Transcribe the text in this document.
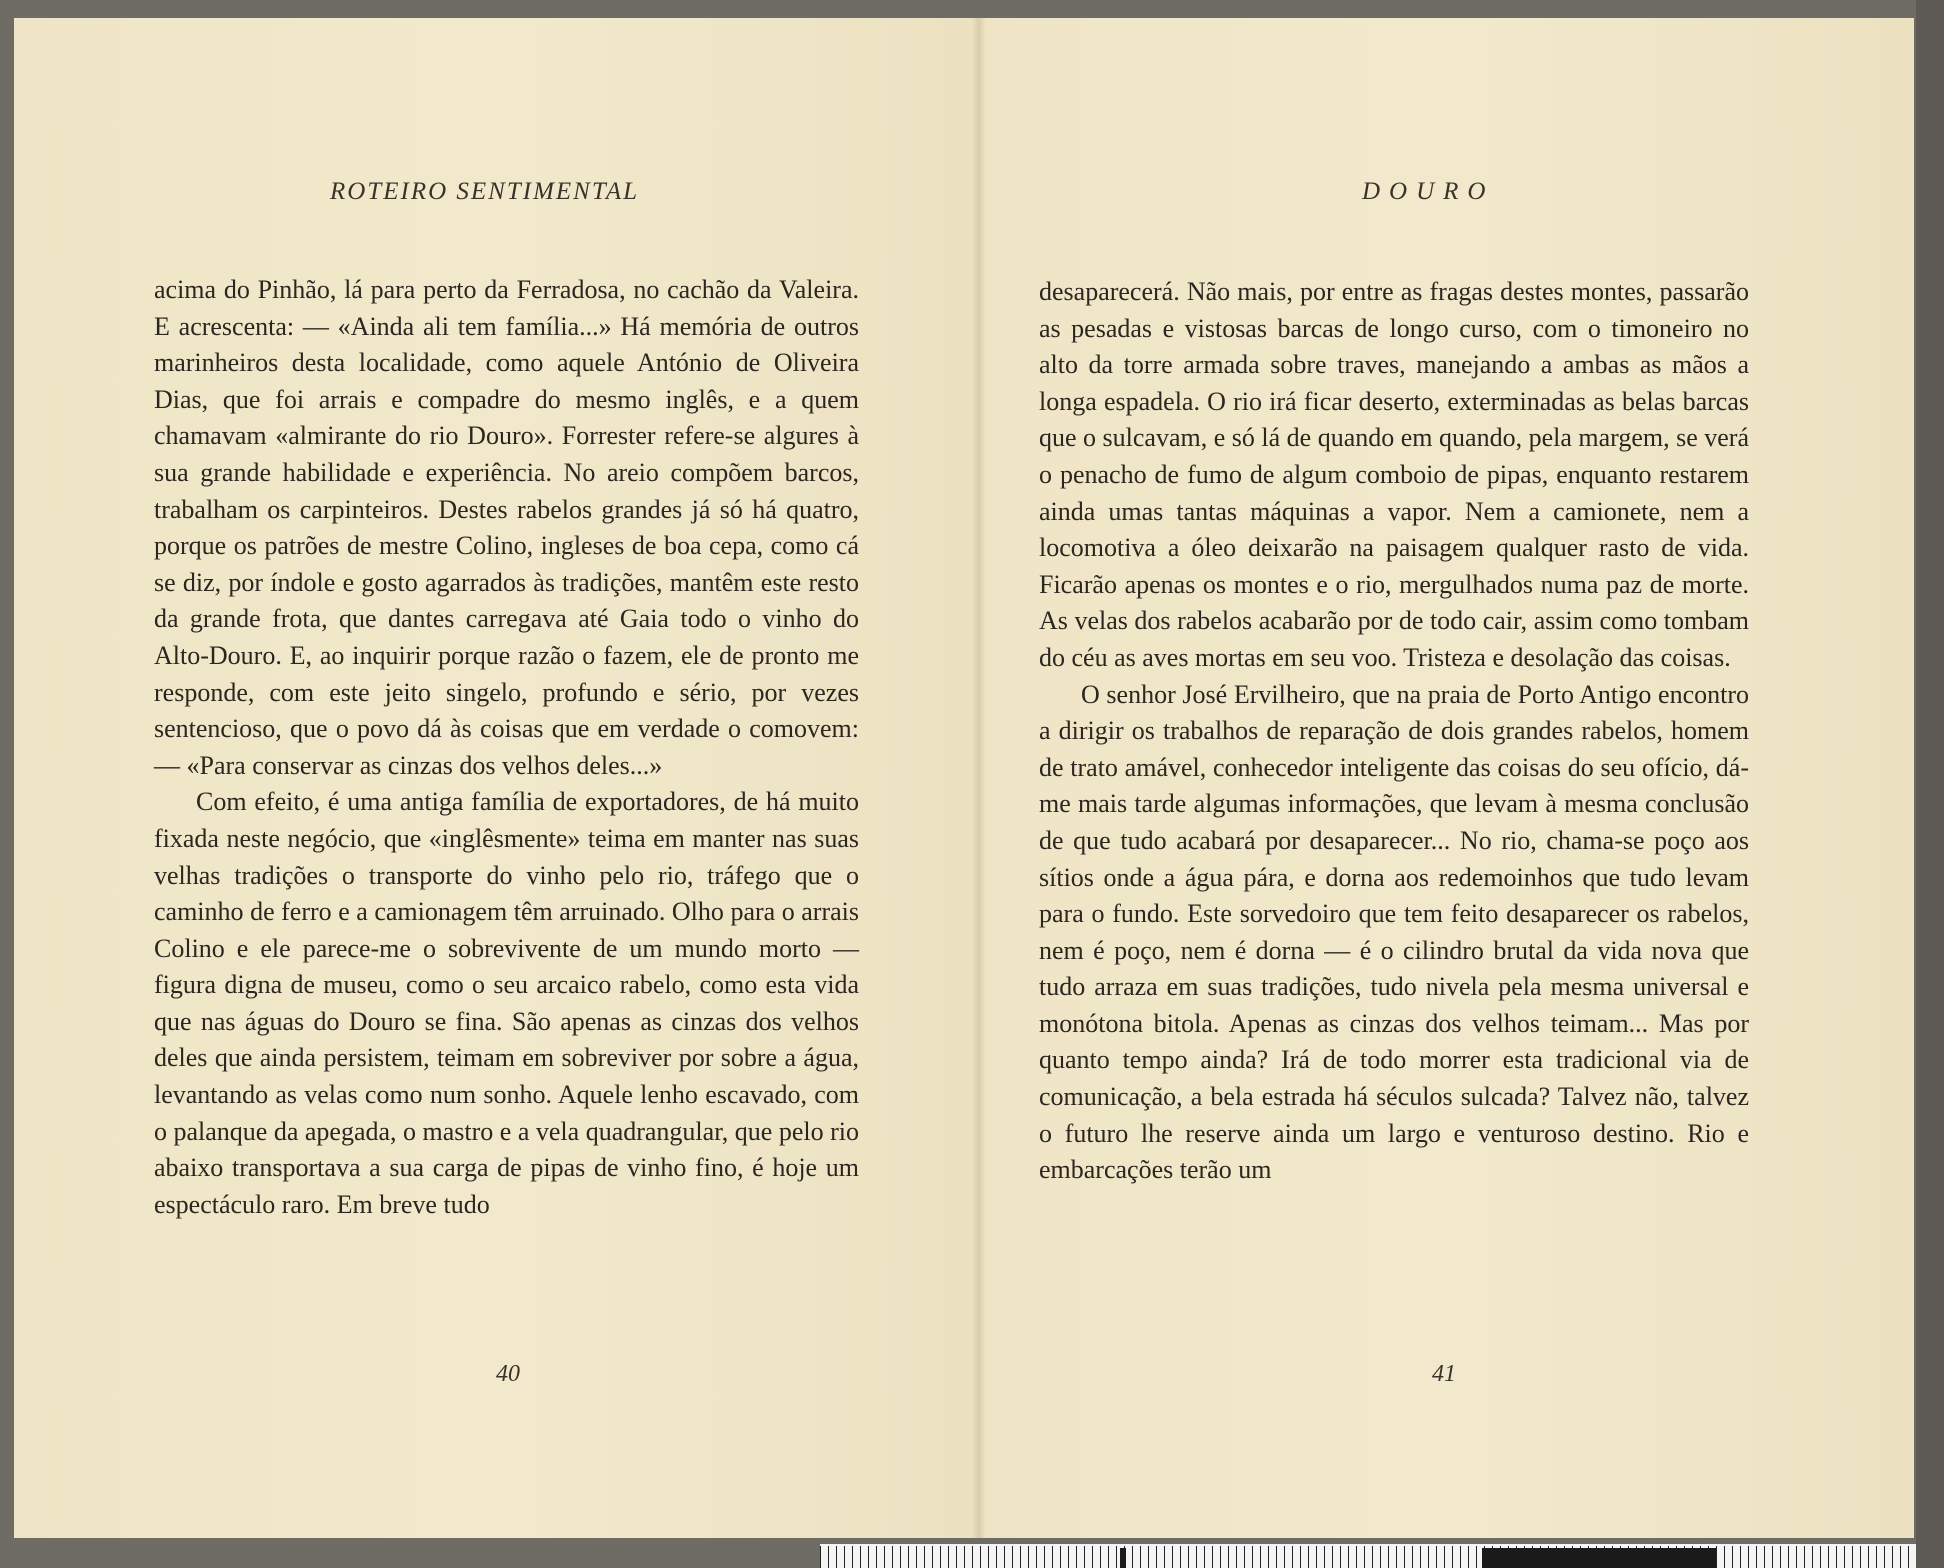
ROTEIRO SENTIMENTAL

acima do Pinhão, lá para perto da Ferradosa, no cachão da Valeira. E acrescenta: — «Ainda ali tem família...» Há memória de outros marinheiros desta localidade, como aquele António de Oliveira Dias, que foi arrais e compadre do mesmo inglês, e a quem chamavam «almirante do rio Douro». Forrester refere-se algures à sua grande habilidade e experiência. No areio compõem barcos, trabalham os carpinteiros. Destes rabelos grandes já só há quatro, porque os patrões de mestre Colino, ingleses de boa cepa, como cá se diz, por índole e gosto agarrados às tradições, mantêm este resto da grande frota, que dantes carregava até Gaia todo o vinho do Alto-Douro. E, ao inquirir porque razão o fazem, ele de pronto me responde, com este jeito singelo, profundo e sério, por vezes sentencioso, que o povo dá às coisas que em verdade o comovem: — «Para conservar as cinzas dos velhos deles...»

Com efeito, é uma antiga família de exportadores, de há muito fixada neste negócio, que «inglêsmente» teima em manter nas suas velhas tradições o transporte do vinho pelo rio, tráfego que o caminho de ferro e a camionagem têm arruinado. Olho para o arrais Colino e ele parece-me o sobrevivente de um mundo morto — figura digna de museu, como o seu arcaico rabelo, como esta vida que nas águas do Douro se fina. São apenas as cinzas dos velhos deles que ainda persistem, teimam em sobreviver por sobre a água, levantando as velas como num sonho. Aquele lenho escavado, com o palanque da apegada, o mastro e a vela quadrangular, que pelo rio abaixo transportava a sua carga de pipas de vinho fino, é hoje um espectáculo raro. Em breve tudo

40
DOURO

desaparecerá. Não mais, por entre as fragas destes montes, passarão as pesadas e vistosas barcas de longo curso, com o timoneiro no alto da torre armada sobre traves, manejando a ambas as mãos a longa espadela. O rio irá ficar deserto, exterminadas as belas barcas que o sulcavam, e só lá de quando em quando, pela margem, se verá o penacho de fumo de algum comboio de pipas, enquanto restarem ainda umas tantas máquinas a vapor. Nem a camionete, nem a locomotiva a óleo deixarão na paisagem qualquer rasto de vida. Ficarão apenas os montes e o rio, mergulhados numa paz de morte. As velas dos rabelos acabarão por de todo cair, assim como tombam do céu as aves mortas em seu voo. Tristeza e desolação das coisas.

O senhor José Ervilheiro, que na praia de Porto Antigo encontro a dirigir os trabalhos de reparação de dois grandes rabelos, homem de trato amável, conhecedor inteligente das coisas do seu ofício, dá-me mais tarde algumas informações, que levam à mesma conclusão de que tudo acabará por desaparecer... No rio, chama-se poço aos sítios onde a água pára, e dorna aos redemoinhos que tudo levam para o fundo. Este sorvedoiro que tem feito desaparecer os rabelos, nem é poço, nem é dorna — é o cilindro brutal da vida nova que tudo arraza em suas tradições, tudo nivela pela mesma universal e monótona bitola. Apenas as cinzas dos velhos teimam... Mas por quanto tempo ainda? Irá de todo morrer esta tradicional via de comunicação, a bela estrada há séculos sulcada? Talvez não, talvez o futuro lhe reserve ainda um largo e venturoso destino. Rio e embarcações terão um

41
